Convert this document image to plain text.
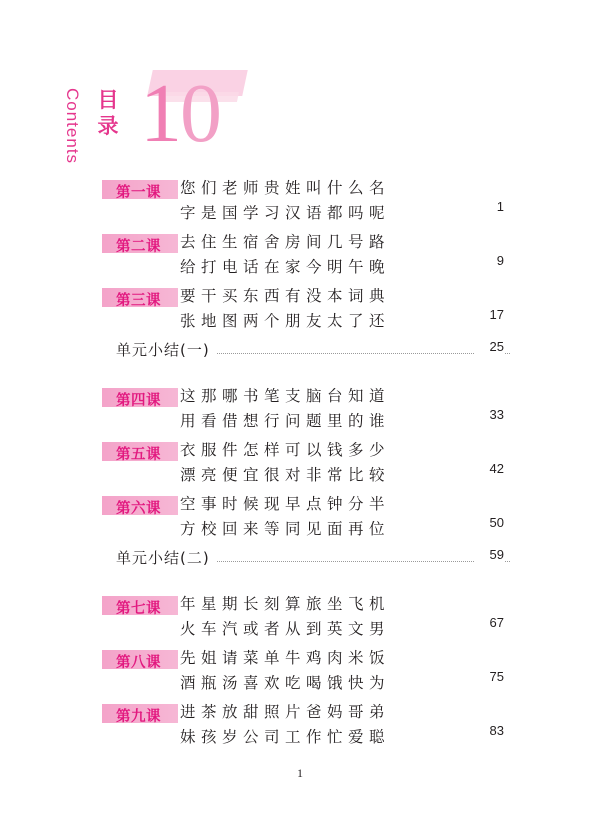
10
Contents 目录
第一课 您们老师贵姓叫什么名
字是国学习汉语都吗呢	1
第二课 去住生宿舍房间几号路
给打电话在家今明午晚	9
第三课 要干买东西有没本词典
张地图两个朋友太了还	17
单元小结(一)	25
第四课 这那哪书笔支脑台知道
用看借想行问题里的谁	33
第五课 衣服件怎样可以钱多少
漂亮便宜很对非常比较	42
第六课 空事时候现早点钟分半
方校回来等同见面再位	50
单元小结(二)	59
第七课 年星期长刻算旅坐飞机
火车汽或者从到英文男	67
第八课 先姐请菜单牛鸡肉米饭
酒瓶汤喜欢吃喝饿快为	75
第九课 进茶放甜照片爸妈哥弟
妹孩岁公司工作忙爱聪	83
1
